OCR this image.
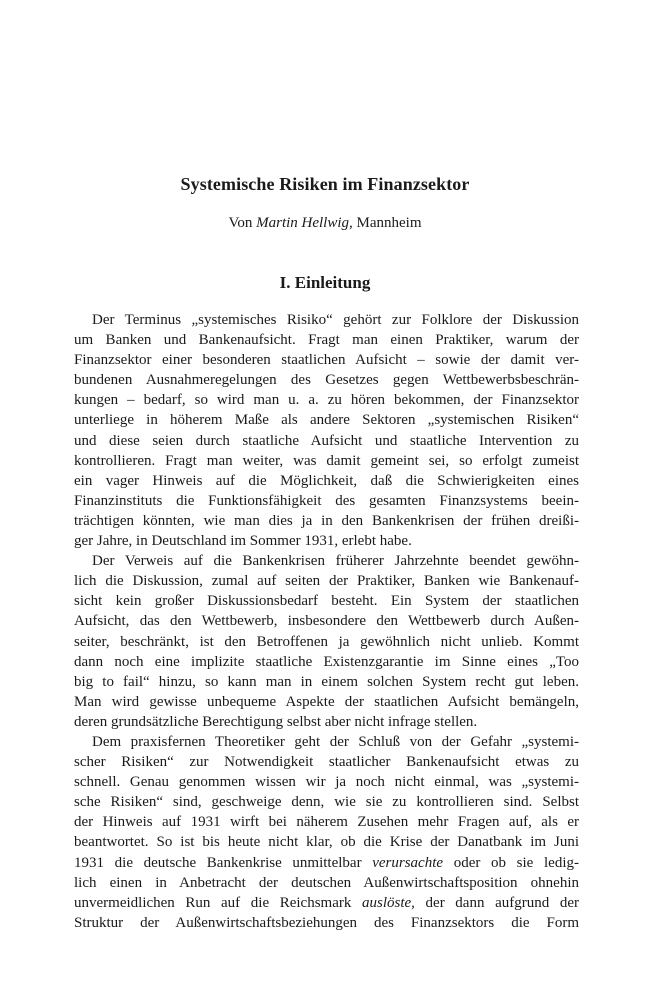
Systemische Risiken im Finanzsektor
Von Martin Hellwig, Mannheim
I. Einleitung
Der Terminus „systemisches Risiko“ gehört zur Folklore der Diskussion
um Banken und Bankenaufsicht. Fragt man einen Praktiker, warum der
Finanzsektor einer besonderen staatlichen Aufsicht – sowie der damit ver-
bundenen Ausnahmeregelungen des Gesetzes gegen Wettbewerbsbeschrän-
kungen – bedarf, so wird man u. a. zu hören bekommen, der Finanzsektor
unterliege in höherem Maße als andere Sektoren „systemischen Risiken“
und diese seien durch staatliche Aufsicht und staatliche Intervention zu
kontrollieren. Fragt man weiter, was damit gemeint sei, so erfolgt zumeist
ein vager Hinweis auf die Möglichkeit, daß die Schwierigkeiten eines
Finanzinstituts die Funktionsfähigkeit des gesamten Finanzsystems beein-
trächtigen könnten, wie man dies ja in den Bankenkrisen der frühen dreißi-
ger Jahre, in Deutschland im Sommer 1931, erlebt habe.
Der Verweis auf die Bankenkrisen früherer Jahrzehnte beendet gewöhn-
lich die Diskussion, zumal auf seiten der Praktiker, Banken wie Bankenauf-
sicht kein großer Diskussionsbedarf besteht. Ein System der staatlichen
Aufsicht, das den Wettbewerb, insbesondere den Wettbewerb durch Außen-
seiter, beschränkt, ist den Betroffenen ja gewöhnlich nicht unlieb. Kommt
dann noch eine implizite staatliche Existenzgarantie im Sinne eines „Too
big to fail“ hinzu, so kann man in einem solchen System recht gut leben.
Man wird gewisse unbequeme Aspekte der staatlichen Aufsicht bemängeln,
deren grundsätzliche Berechtigung selbst aber nicht infrage stellen.
Dem praxisfernen Theoretiker geht der Schluß von der Gefahr „systemi-
scher Risiken“ zur Notwendigkeit staatlicher Bankenaufsicht etwas zu
schnell. Genau genommen wissen wir ja noch nicht einmal, was „systemi-
sche Risiken“ sind, geschweige denn, wie sie zu kontrollieren sind. Selbst
der Hinweis auf 1931 wirft bei näherem Zusehen mehr Fragen auf, als er
beantwortet. So ist bis heute nicht klar, ob die Krise der Danatbank im Juni
1931 die deutsche Bankenkrise unmittelbar verursachte oder ob sie ledig-
lich einen in Anbetracht der deutschen Außenwirtschaftsposition ohnehin
unvermeidlichen Run auf die Reichsmark auslöste, der dann aufgrund der
Struktur der Außenwirtschaftsbeziehungen des Finanzsektors die Form
